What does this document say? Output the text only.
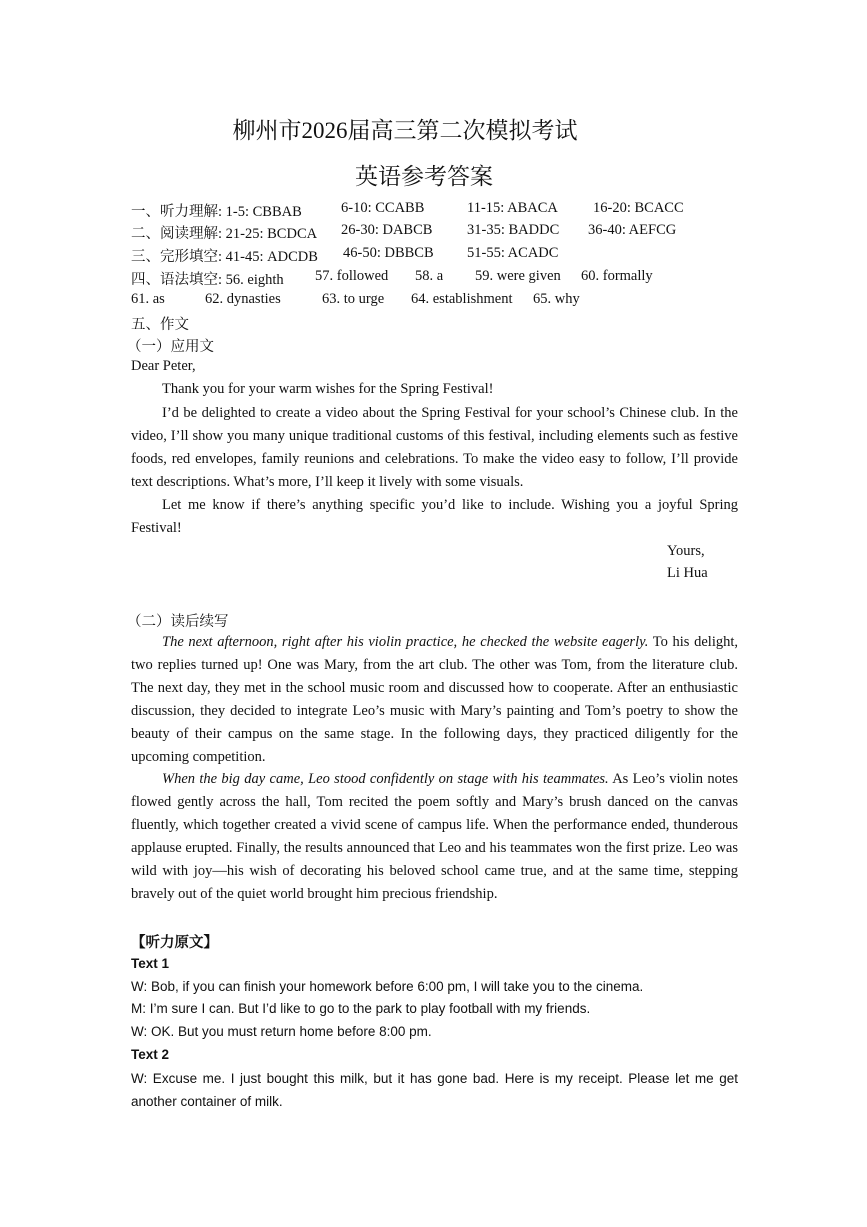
柳州市2026届高三第二次模拟考试
英语参考答案
一、听力理解: 1-5: CBBAB	6-10: CCABB	11-15: ABACA 16-20: BCACC
二、阅读理解: 21-25: BCDCA 26-30: DABCB 31-35: BADDC 36-40: AEFCG
三、完形填空: 41-45: ADCDB 46-50: DBBCB 51-55: ACADC
四、语法填空: 56. eighth 57. followed 58. a 59. were given 60. formally
61. as	62. dynasties	63. to urge 64. establishment 65. why
五、作文
（一）应用文
Dear Peter,
Thank you for your warm wishes for the Spring Festival!
I’d be delighted to create a video about the Spring Festival for your school’s Chinese club. In the video, I’ll show you many unique traditional customs of this festival, including elements such as festive foods, red envelopes, family reunions and celebrations. To make the video easy to follow, I’ll provide text descriptions. What’s more, I’ll keep it lively with some visuals.
Let me know if there’s anything specific you’d like to include. Wishing you a joyful Spring Festival!
Yours,
Li Hua
（二）读后续写
The next afternoon, right after his violin practice, he checked the website eagerly. To his delight, two replies turned up! One was Mary, from the art club. The other was Tom, from the literature club. The next day, they met in the school music room and discussed how to cooperate. After an enthusiastic discussion, they decided to integrate Leo’s music with Mary’s painting and Tom’s poetry to show the beauty of their campus on the same stage. In the following days, they practiced diligently for the upcoming competition.
When the big day came, Leo stood confidently on stage with his teammates. As Leo’s violin notes flowed gently across the hall, Tom recited the poem softly and Mary’s brush danced on the canvas fluently, which together created a vivid scene of campus life. When the performance ended, thunderous applause erupted. Finally, the results announced that Leo and his teammates won the first prize. Leo was wild with joy—his wish of decorating his beloved school came true, and at the same time, stepping bravely out of the quiet world brought him precious friendship.
【听力原文】
Text 1
W: Bob, if you can finish your homework before 6:00 pm, I will take you to the cinema.
M: I’m sure I can. But I’d like to go to the park to play football with my friends.
W: OK. But you must return home before 8:00 pm.
Text 2
W: Excuse me. I just bought this milk, but it has gone bad. Here is my receipt. Please let me get another container of milk.
